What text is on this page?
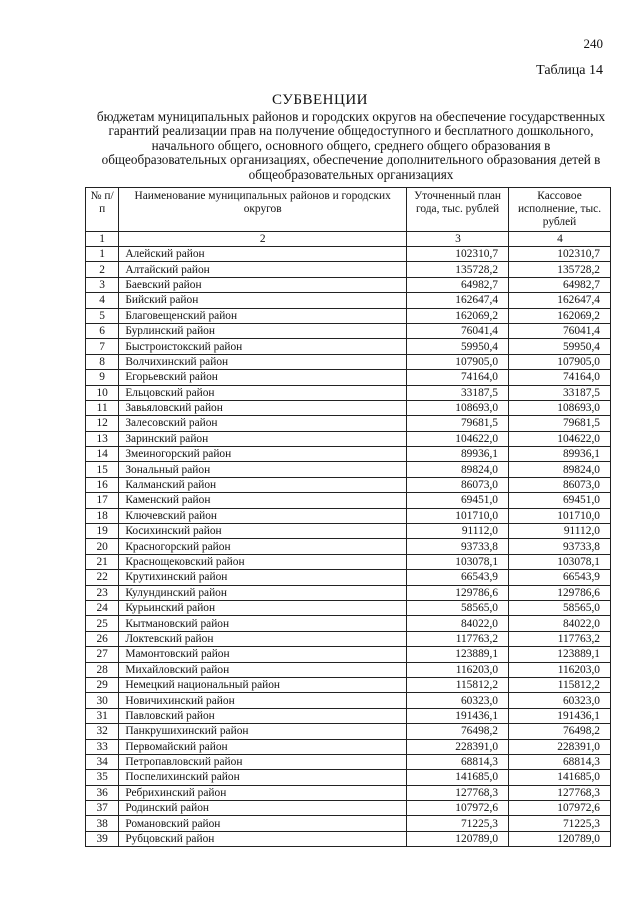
240
Таблица 14
СУБВЕНЦИИ
бюджетам муниципальных районов и городских округов на обеспечение государственных гарантий реализации прав на получение общедоступного и бесплатного дошкольного, начального общего, основного общего, среднего общего образования в общеобразовательных организациях, обеспечение дополнительного образования детей в общеобразовательных организациях
№ п/п	Наименование муниципальных районов и городских округов	Уточненный план года, тыс. рублей	Кассовое исполнение, тыс. рублей
1	2	3	4
1	Алейский район	102310,7	102310,7
2	Алтайский район	135728,2	135728,2
3	Баевский район	64982,7	64982,7
4	Бийский район	162647,4	162647,4
5	Благовещенский район	162069,2	162069,2
6	Бурлинский район	76041,4	76041,4
7	Быстроистокский район	59950,4	59950,4
8	Волчихинский район	107905,0	107905,0
9	Егорьевский район	74164,0	74164,0
10	Ельцовский район	33187,5	33187,5
11	Завьяловский район	108693,0	108693,0
12	Залесовский район	79681,5	79681,5
13	Заринский район	104622,0	104622,0
14	Змеиногорский район	89936,1	89936,1
15	Зональный район	89824,0	89824,0
16	Калманский район	86073,0	86073,0
17	Каменский район	69451,0	69451,0
18	Ключевский район	101710,0	101710,0
19	Косихинский район	91112,0	91112,0
20	Красногорский район	93733,8	93733,8
21	Краснощековский район	103078,1	103078,1
22	Крутихинский район	66543,9	66543,9
23	Кулундинский район	129786,6	129786,6
24	Курьинский район	58565,0	58565,0
25	Кытмановский район	84022,0	84022,0
26	Локтевский район	117763,2	117763,2
27	Мамонтовский район	123889,1	123889,1
28	Михайловский район	116203,0	116203,0
29	Немецкий национальный район	115812,2	115812,2
30	Новичихинский район	60323,0	60323,0
31	Павловский район	191436,1	191436,1
32	Панкрушихинский район	76498,2	76498,2
33	Первомайский район	228391,0	228391,0
34	Петропавловский район	68814,3	68814,3
35	Поспелихинский район	141685,0	141685,0
36	Ребрихинский район	127768,3	127768,3
37	Родинский район	107972,6	107972,6
38	Романовский район	71225,3	71225,3
39	Рубцовский район	120789,0	120789,0
